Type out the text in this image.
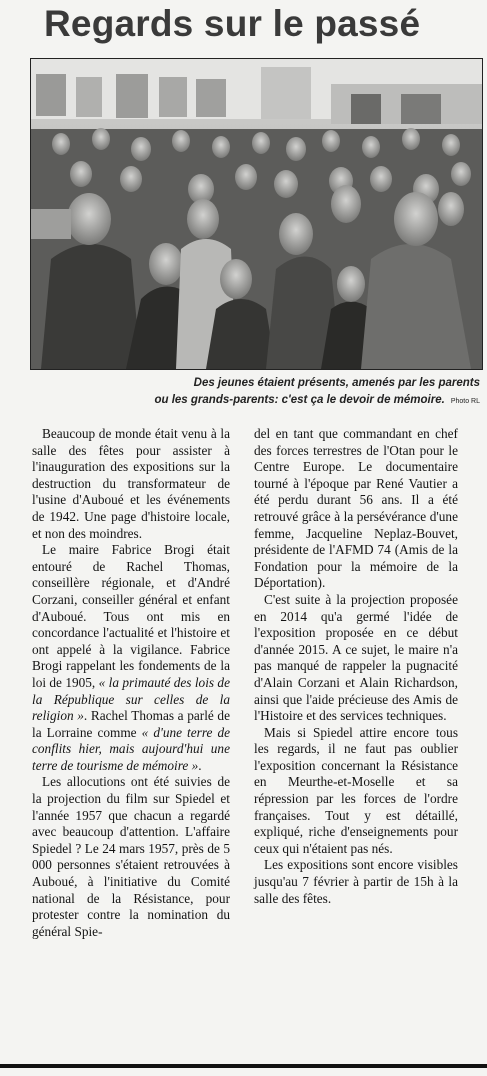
Regards sur le passé
Des jeunes étaient présents, amenés par les parents
ou les grands-parents: c'est ça le devoir de mémoire. Photo RL

Beaucoup de monde était venu à la salle des fêtes pour assister à l'inauguration des expositions sur la destruction du transformateur de l'usine d'Auboué et les événements de 1942. Une page d'histoire locale, et non des moindres.

Le maire Fabrice Brogi était entouré de Rachel Thomas, conseillère régionale, et d'André Corzani, conseiller général et enfant d'Auboué. Tous ont mis en concordance l'actualité et l'histoire et ont appelé à la vigilance. Fabrice Brogi rappelant les fondements de la loi de 1905, « la primauté des lois de la République sur celles de la religion ». Rachel Thomas a parlé de la Lorraine comme « d'une terre de conflits hier, mais aujourd'hui une terre de tourisme de mémoire ».

Les allocutions ont été suivies de la projection du film sur Spiedel et l'année 1957 que chacun a regardé avec beaucoup d'attention. L'affaire Spiedel ? Le 24 mars 1957, près de 5 000 personnes s'étaient retrouvées à Auboué, à l'initiative du Comité national de la Résistance, pour protester contre la nomination du général Spie-

del en tant que commandant en chef des forces terrestres de l'Otan pour le Centre Europe. Le documentaire tourné à l'époque par René Vautier a été perdu durant 56 ans. Il a été retrouvé grâce à la persévérance d'une femme, Jacqueline Neplaz-Bouvet, présidente de l'AFMD 74 (Amis de la Fondation pour la mémoire de la Déportation).

C'est suite à la projection proposée en 2014 qu'a germé l'idée de l'exposition proposée en ce début d'année 2015. A ce sujet, le maire n'a pas manqué de rappeler la pugnacité d'Alain Corzani et Alain Richardson, ainsi que l'aide précieuse des Amis de l'Histoire et des services techniques.

Mais si Spiedel attire encore tous les regards, il ne faut pas oublier l'exposition concernant la Résistance en Meurthe-et-Moselle et sa répression par les forces de l'ordre françaises. Tout y est détaillé, expliqué, riche d'enseignements pour ceux qui n'étaient pas nés.

Les expositions sont encore visibles jusqu'au 7 février à partir de 15h à la salle des fêtes.
